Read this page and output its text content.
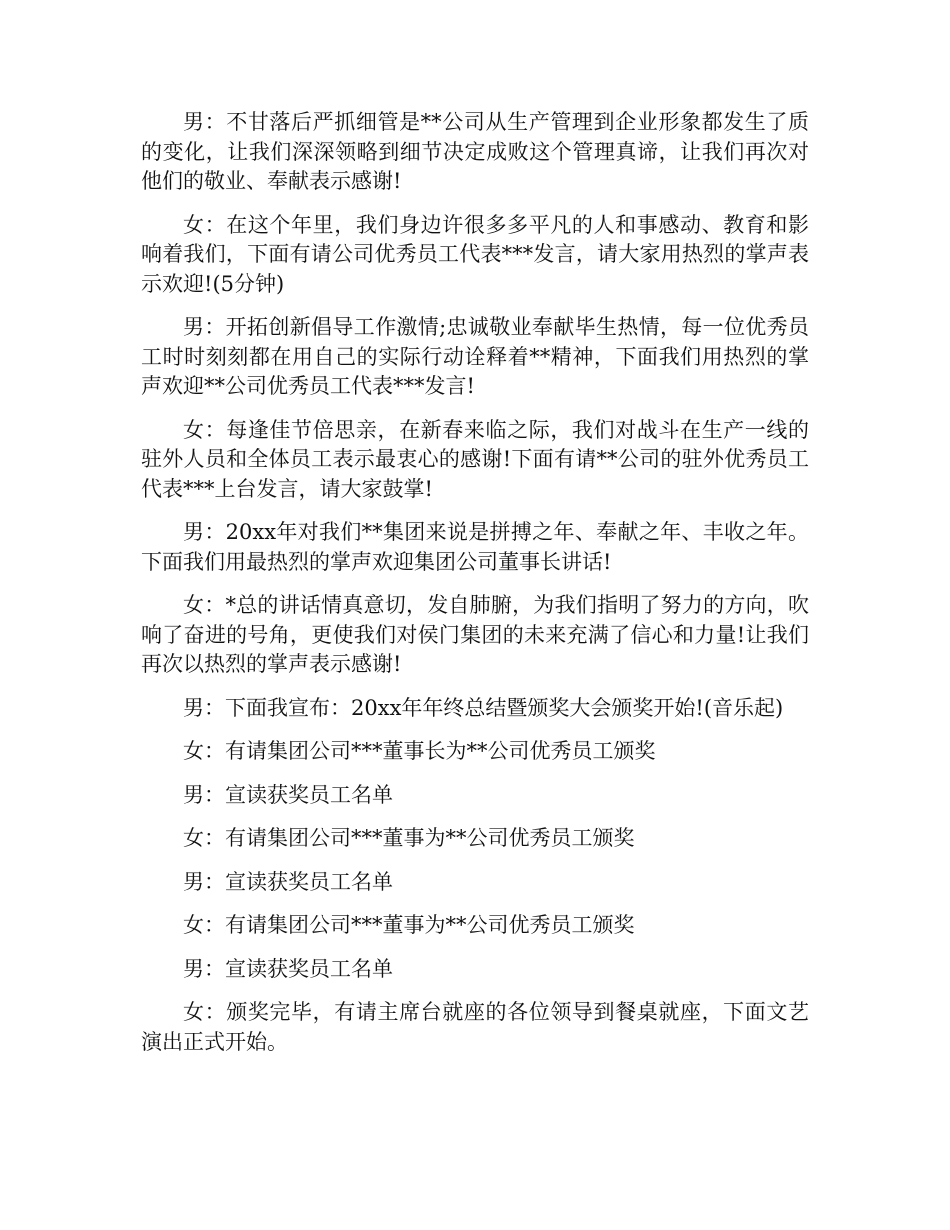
男：不甘落后严抓细管是**公司从生产管理到企业形象都发生了质的变化，让我们深深领略到细节决定成败这个管理真谛，让我们再次对他们的敬业、奉献表示感谢!

女：在这个年里，我们身边许很多多平凡的人和事感动、教育和影响着我们，下面有请公司优秀员工代表***发言，请大家用热烈的掌声表示欢迎!(5分钟)

男：开拓创新倡导工作激情;忠诚敬业奉献毕生热情，每一位优秀员工时时刻刻都在用自己的实际行动诠释着**精神，下面我们用热烈的掌声欢迎**公司优秀员工代表***发言!

女：每逢佳节倍思亲，在新春来临之际，我们对战斗在生产一线的驻外人员和全体员工表示最衷心的感谢!下面有请**公司的驻外优秀员工代表***上台发言，请大家鼓掌!

男：20xx年对我们**集团来说是拼搏之年、奉献之年、丰收之年。下面我们用最热烈的掌声欢迎集团公司董事长讲话!

女：*总的讲话情真意切，发自肺腑，为我们指明了努力的方向，吹响了奋进的号角，更使我们对侯门集团的未来充满了信心和力量!让我们再次以热烈的掌声表示感谢!

男：下面我宣布：20xx年年终总结暨颁奖大会颁奖开始!(音乐起)

女：有请集团公司***董事长为**公司优秀员工颁奖

男：宣读获奖员工名单

女：有请集团公司***董事为**公司优秀员工颁奖

男：宣读获奖员工名单

女：有请集团公司***董事为**公司优秀员工颁奖

男：宣读获奖员工名单

女：颁奖完毕，有请主席台就座的各位领导到餐桌就座，下面文艺演出正式开始。
